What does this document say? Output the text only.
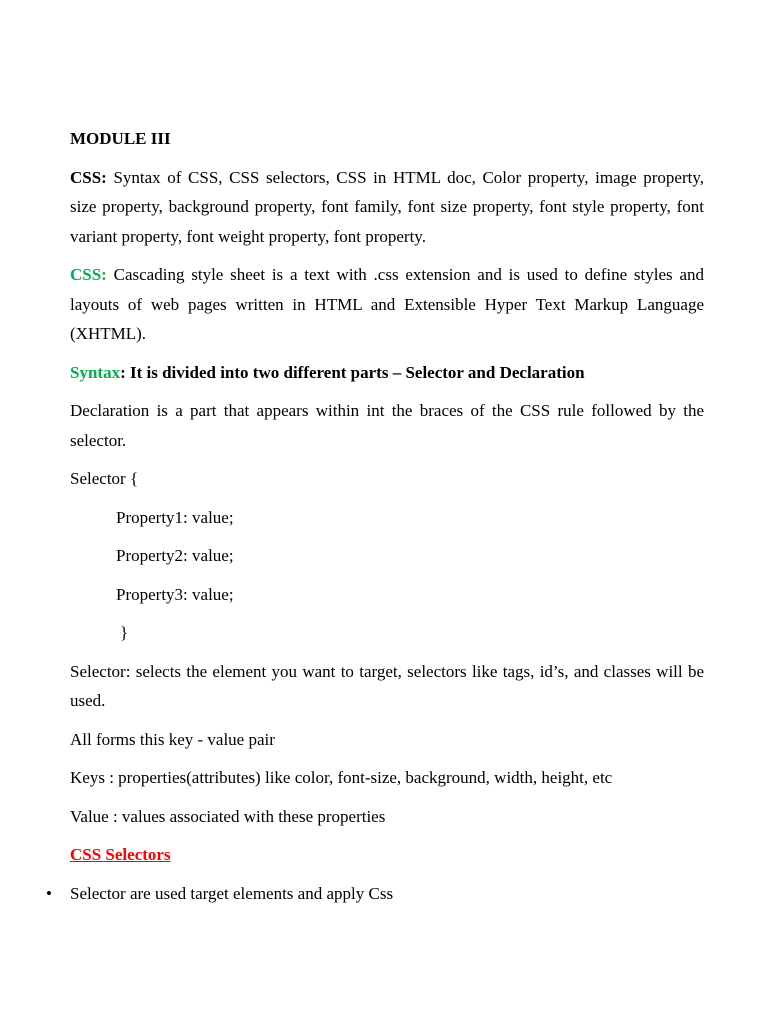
MODULE III

CSS: Syntax of CSS, CSS selectors, CSS in HTML doc, Color property, image property, size property, background property, font family, font size property, font style property, font variant property, font weight property, font property.

CSS: Cascading style sheet is a text with .css extension and is used to define styles and layouts of web pages written in HTML and Extensible Hyper Text Markup Language (XHTML).

Syntax: It is divided into two different parts – Selector and Declaration

Declaration is a part that appears within int the braces of the CSS rule followed by the selector.

Selector {

Property1: value;

Property2: value;

Property3: value;

}

Selector: selects the element you want to target, selectors like tags, id’s, and classes will be used.

All forms this key - value pair

Keys : properties(attributes) like color, font-size, background, width, height, etc

Value : values associated with these properties

CSS Selectors

• Selector are used target elements and apply Css
